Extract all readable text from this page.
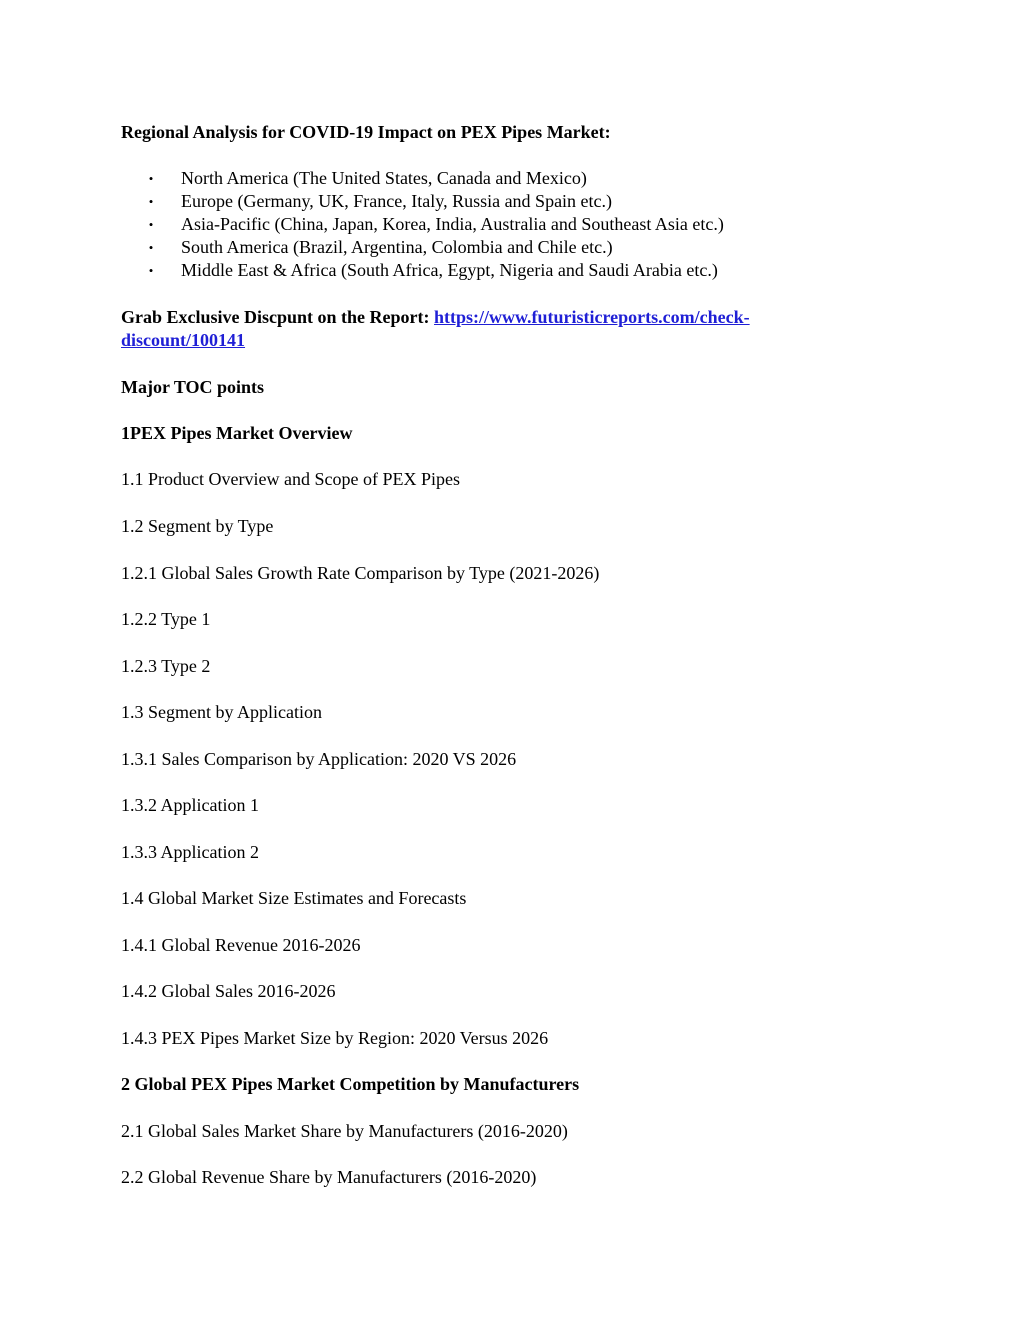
Regional Analysis for COVID-19 Impact on PEX Pipes Market:
• North America (The United States, Canada and Mexico)
• Europe (Germany, UK, France, Italy, Russia and Spain etc.)
• Asia-Pacific (China, Japan, Korea, India, Australia and Southeast Asia etc.)
• South America (Brazil, Argentina, Colombia and Chile etc.)
• Middle East & Africa (South Africa, Egypt, Nigeria and Saudi Arabia etc.)
Grab Exclusive Discpunt on the Report: https://www.futuristicreports.com/check-
discount/100141
Major TOC points
1PEX Pipes Market Overview
1.1 Product Overview and Scope of PEX Pipes
1.2 Segment by Type
1.2.1 Global Sales Growth Rate Comparison by Type (2021-2026)
1.2.2 Type 1
1.2.3 Type 2
1.3 Segment by Application
1.3.1 Sales Comparison by Application: 2020 VS 2026
1.3.2 Application 1
1.3.3 Application 2
1.4 Global Market Size Estimates and Forecasts
1.4.1 Global Revenue 2016-2026
1.4.2 Global Sales 2016-2026
1.4.3 PEX Pipes Market Size by Region: 2020 Versus 2026
2 Global PEX Pipes Market Competition by Manufacturers
2.1 Global Sales Market Share by Manufacturers (2016-2020)
2.2 Global Revenue Share by Manufacturers (2016-2020)
